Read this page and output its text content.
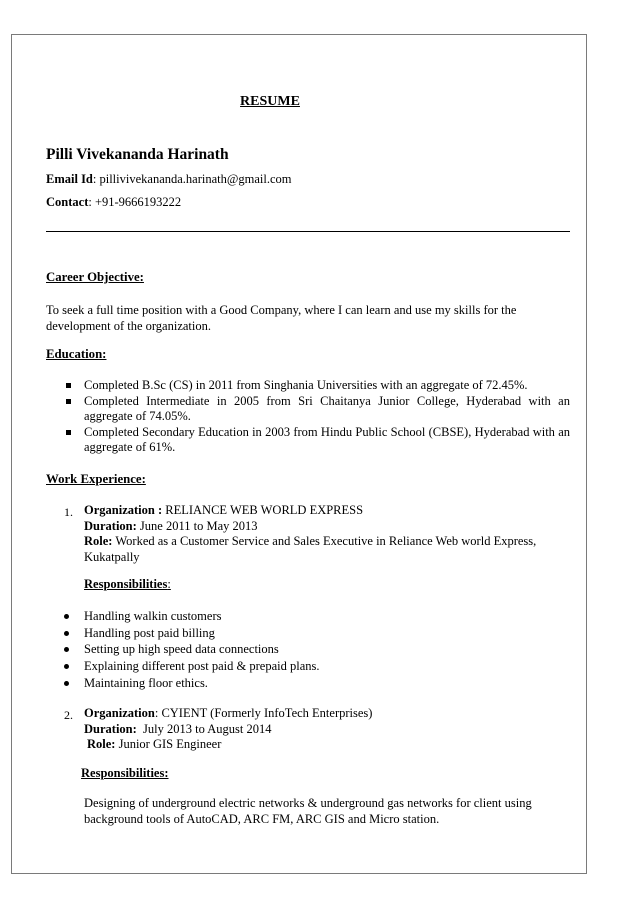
RESUME
Pilli Vivekananda Harinath
Email Id: pillivivekananda.harinath@gmail.com
Contact: +91-9666193222
Career Objective:
To seek a full time position with a Good Company, where I can learn and use my skills for the development of the organization.
Education:
Completed B.Sc (CS) in 2011 from Singhania Universities with an aggregate of 72.45%.
Completed Intermediate in 2005 from Sri Chaitanya Junior College, Hyderabad with an aggregate of 74.05%.
Completed Secondary Education in 2003 from Hindu Public School (CBSE), Hyderabad with an aggregate of 61%.
Work Experience:
1. Organization : RELIANCE WEB WORLD EXPRESS
Duration: June 2011 to May 2013
Role: Worked as a Customer Service and Sales Executive in Reliance Web world Express, Kukatpally
Responsibilities:
Handling walkin customers
Handling post paid billing
Setting up high speed data connections
Explaining different post paid & prepaid plans.
Maintaining floor ethics.
2. Organization: CYIENT (Formerly InfoTech Enterprises)
Duration:  July 2013 to August 2014
Role: Junior GIS Engineer
Responsibilities:
Designing of underground electric networks & underground gas networks for client using background tools of AutoCAD, ARC FM, ARC GIS and Micro station.
